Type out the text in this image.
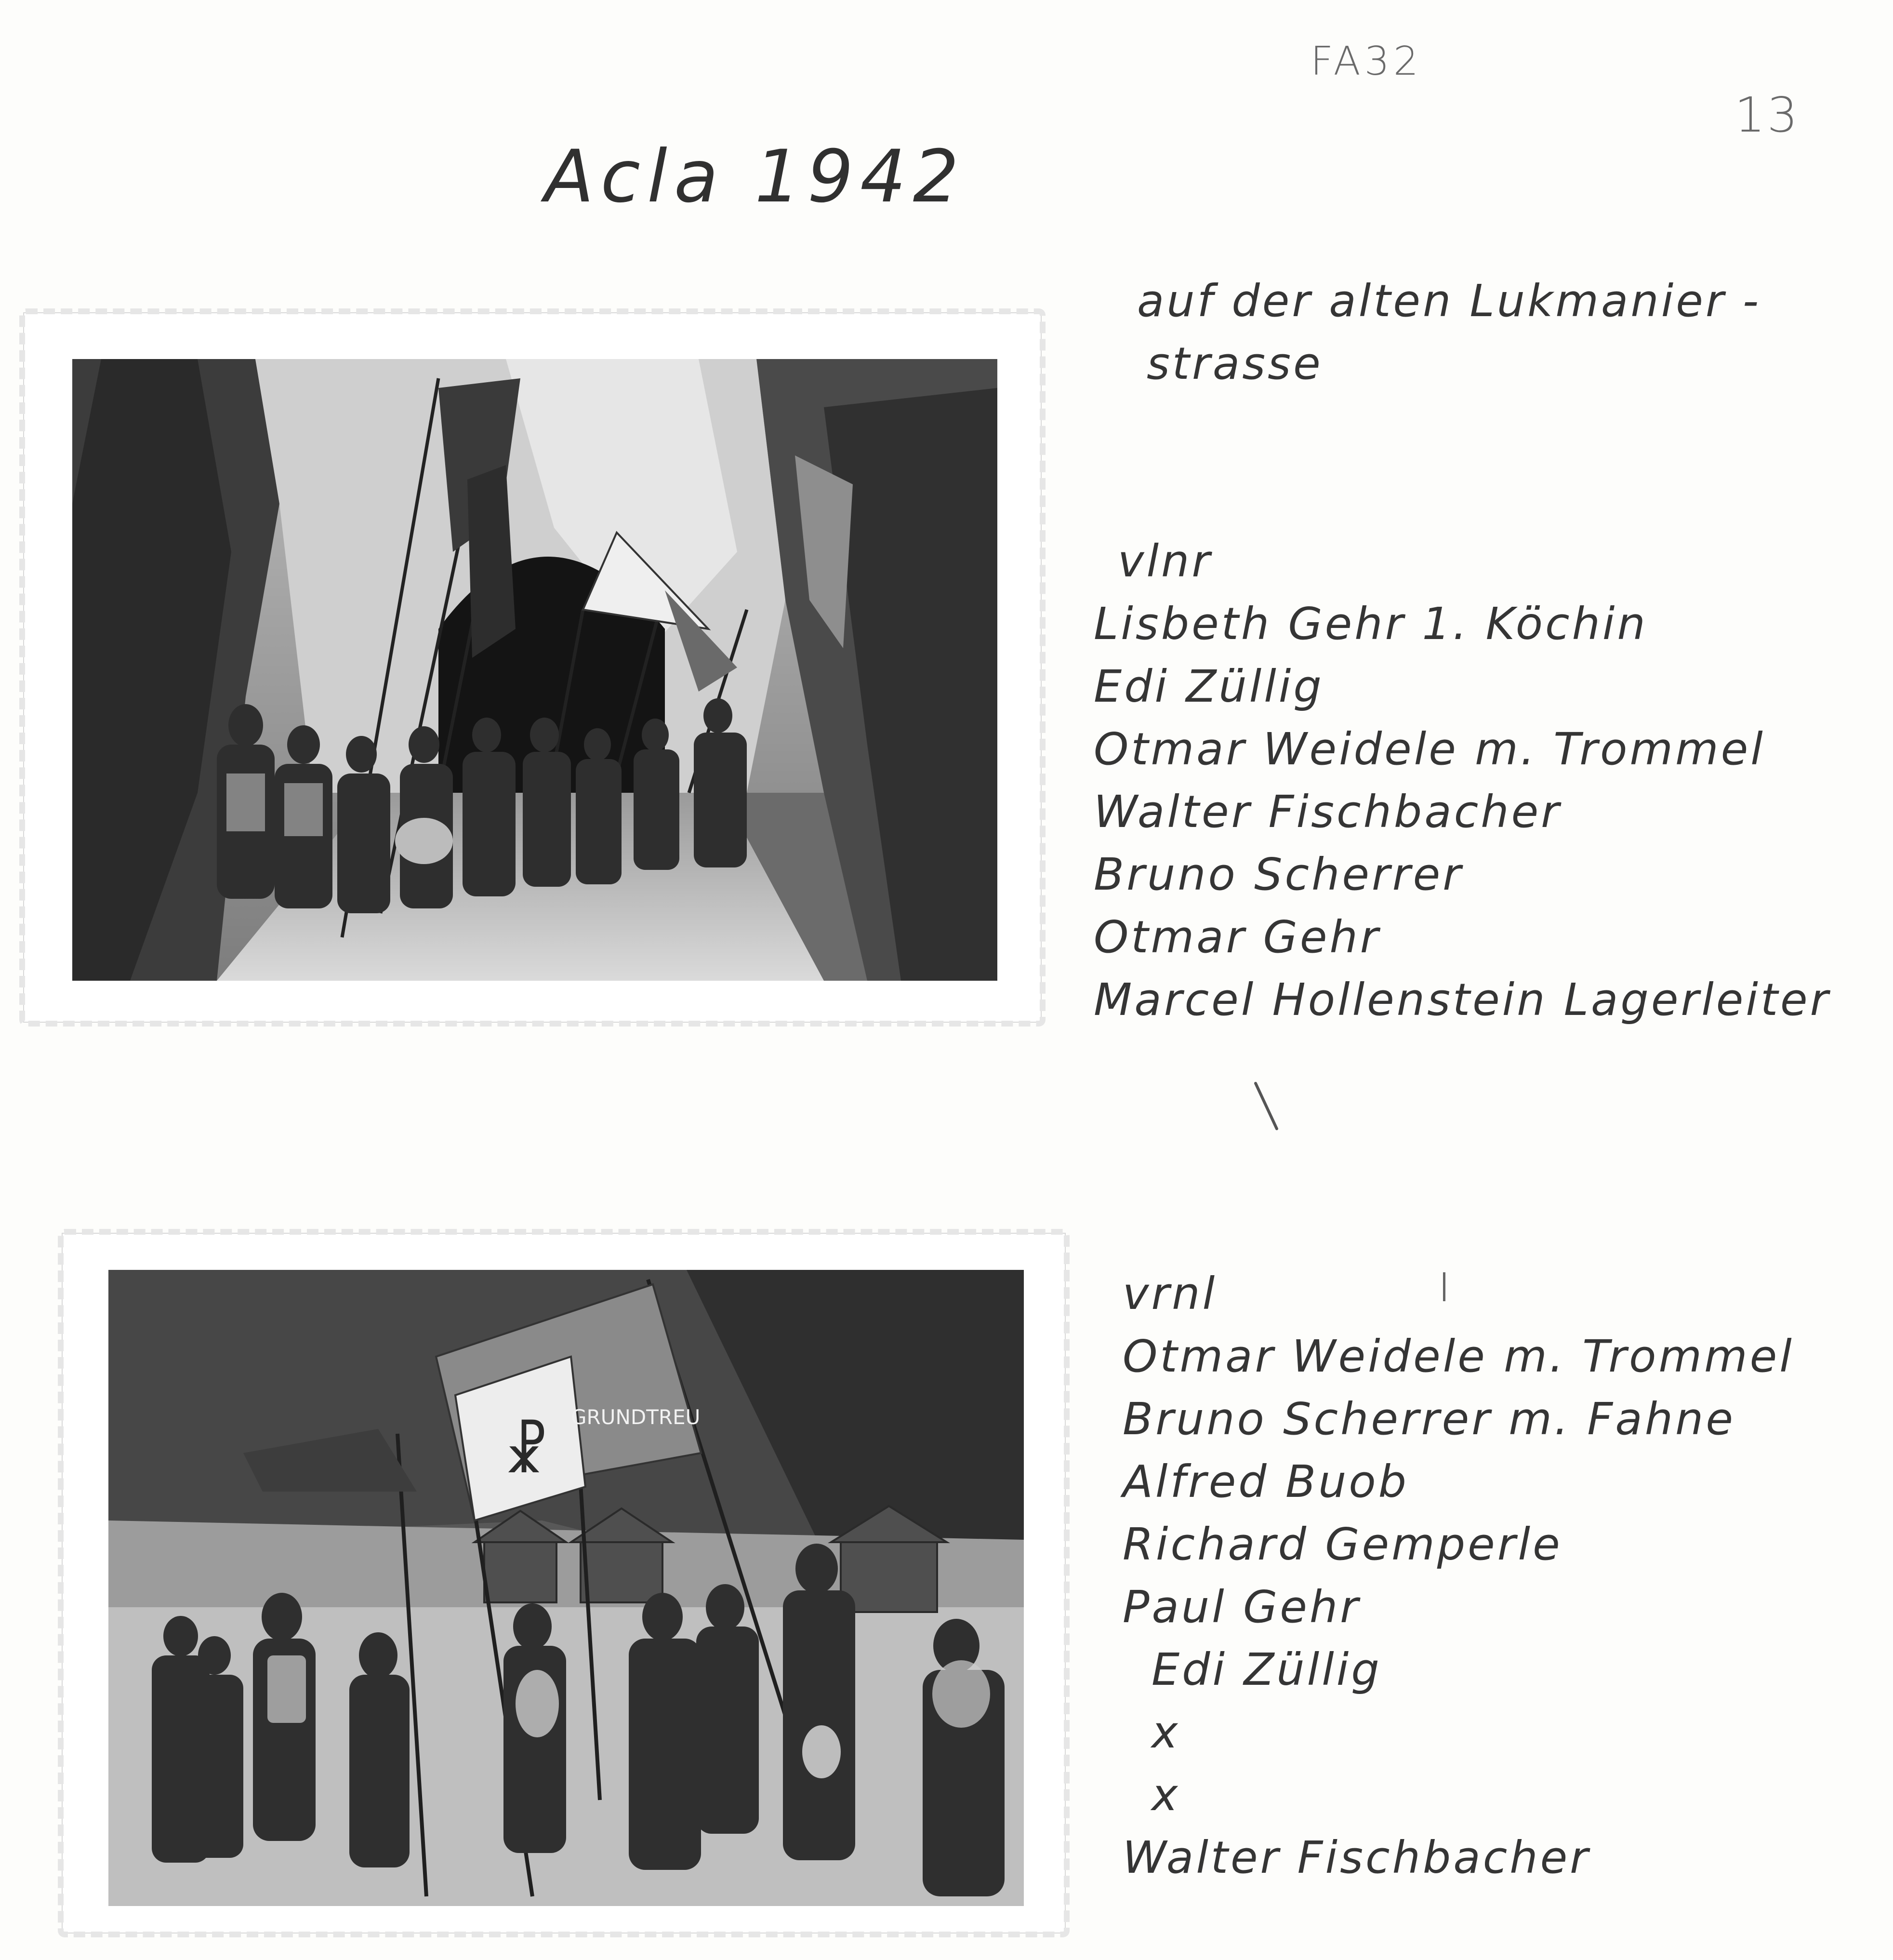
FA32
13
Acla 1942
auf der alten Lukmanier -
strasse
vlnr
Lisbeth Gehr 1. Köchin
Edi Züllig
Otmar Weidele m. Trommel
Walter Fischbacher
Bruno Scherrer
Otmar Gehr
Marcel Hollenstein Lagerleiter
GRUNDTREU
☧
vrnl
Otmar Weidele m. Trommel
Bruno Scherrer m. Fahne
Alfred Buob
Richard Gemperle
Paul Gehr
Edi Züllig
x
x
Walter Fischbacher
